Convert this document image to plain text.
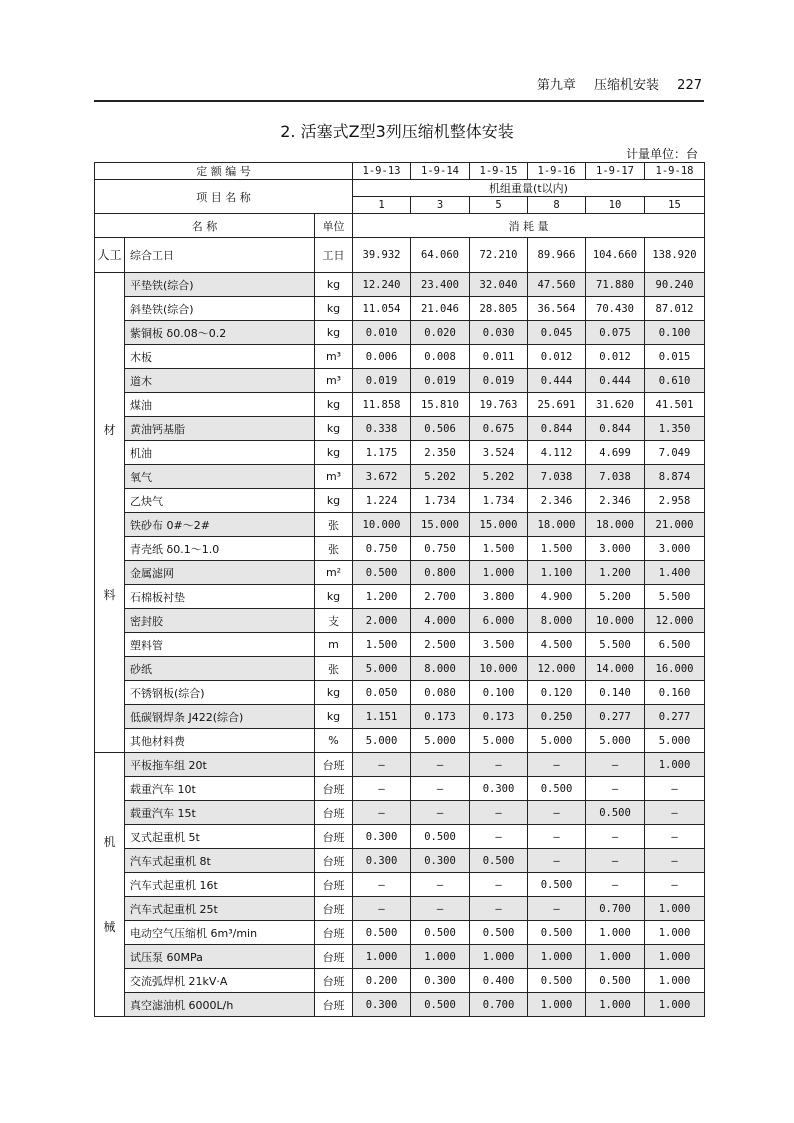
第九章 压缩机安装 227
2. 活塞式Z型3列压缩机整体安装
计量单位：台
定 额 编 号			1-9-13	1-9-14	1-9-15	1-9-16	1-9-17	1-9-18
项 目 名 称			机组重量(t以内)					
			1	3	5	8	10	15
名 称		单位	消 耗 量					
人工	综合工日	工日	39.932	64.060	72.210	89.966	104.660	138.920

材
料	平垫铁(综合)	kg	12.240	23.400	32.040	47.560	71.880	90.240
	斜垫铁(综合)	kg	11.054	21.046	28.805	36.564	70.430	87.012
	紫铜板 δ0.08～0.2	kg	0.010	0.020	0.030	0.045	0.075	0.100
	木板	m³	0.006	0.008	0.011	0.012	0.012	0.015
	道木	m³	0.019	0.019	0.019	0.444	0.444	0.610
	煤油	kg	11.858	15.810	19.763	25.691	31.620	41.501
	黄油钙基脂	kg	0.338	0.506	0.675	0.844	0.844	1.350
	机油	kg	1.175	2.350	3.524	4.112	4.699	7.049
	氧气	m³	3.672	5.202	5.202	7.038	7.038	8.874
	乙炔气	kg	1.224	1.734	1.734	2.346	2.346	2.958
	铁砂布 0#～2#	张	10.000	15.000	15.000	18.000	18.000	21.000
	青壳纸 δ0.1～1.0	张	0.750	0.750	1.500	1.500	3.000	3.000
	金属滤网	m²	0.500	0.800	1.000	1.100	1.200	1.400
	石棉板衬垫	kg	1.200	2.700	3.800	4.900	5.200	5.500
	密封胶	支	2.000	4.000	6.000	8.000	10.000	12.000
	塑料管	m	1.500	2.500	3.500	4.500	5.500	6.500
	砂纸	张	5.000	8.000	10.000	12.000	14.000	16.000
	不锈钢板(综合)	kg	0.050	0.080	0.100	0.120	0.140	0.160
	低碳钢焊条 J422(综合)	kg	1.151	0.173	0.173	0.250	0.277	0.277
	其他材料费	%	5.000	5.000	5.000	5.000	5.000	5.000

机
械	平板拖车组 20t	台班	—	—	—	—	—	1.000
	载重汽车 10t	台班	—	—	0.300	0.500	—	—
	载重汽车 15t	台班	—	—	—	—	0.500	—
	叉式起重机 5t	台班	0.300	0.500	—	—	—	—
	汽车式起重机 8t	台班	0.300	0.300	0.500	—	—	—
	汽车式起重机 16t	台班	—	—	—	0.500	—	—
	汽车式起重机 25t	台班	—	—	—	—	0.700	1.000
	电动空气压缩机 6m³/min	台班	0.500	0.500	0.500	0.500	1.000	1.000
	试压泵 60MPa	台班	1.000	1.000	1.000	1.000	1.000	1.000
	交流弧焊机 21kV·A	台班	0.200	0.300	0.400	0.500	0.500	1.000
	真空滤油机 6000L/h	台班	0.300	0.500	0.700	1.000	1.000	1.000
